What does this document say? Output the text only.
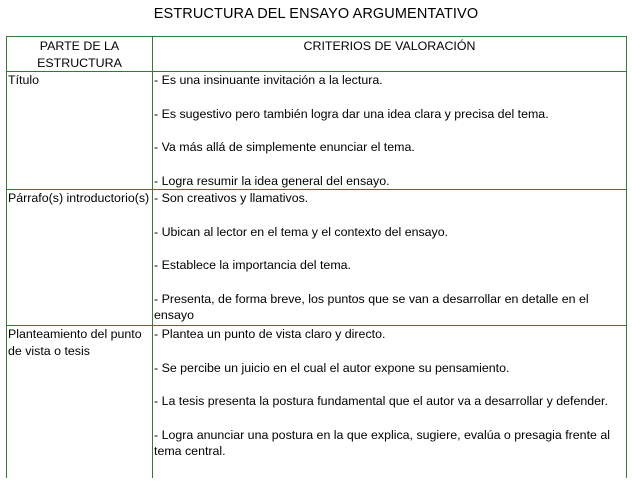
ESTRUCTURA DEL ENSAYO ARGUMENTATIVO
PARTE DE LA ESTRUCTURA	CRITERIOS DE VALORACIÓN
Título	- Es una insinuante invitación a la lectura.
- Es sugestivo pero también logra dar una idea clara y precisa del tema.
- Va más allá de simplemente enunciar el tema.
- Logra resumir la idea general del ensayo.

Párrafo(s) introductorio(s)	- Son creativos y llamativos.
- Ubican al lector en el tema y el contexto del ensayo.
- Establece la importancia del tema.
- Presenta, de forma breve, los puntos que se van a desarrollar en detalle en el ensayo

Planteamiento del punto de vista o tesis	- Plantea un punto de vista claro y directo.
- Se percibe un juicio en el cual el autor expone su pensamiento.
- La tesis presenta la postura fundamental que el autor va a desarrollar y defender.
- Logra anunciar una postura en la que explica, sugiere, evalúa o presagia frente al tema central.
